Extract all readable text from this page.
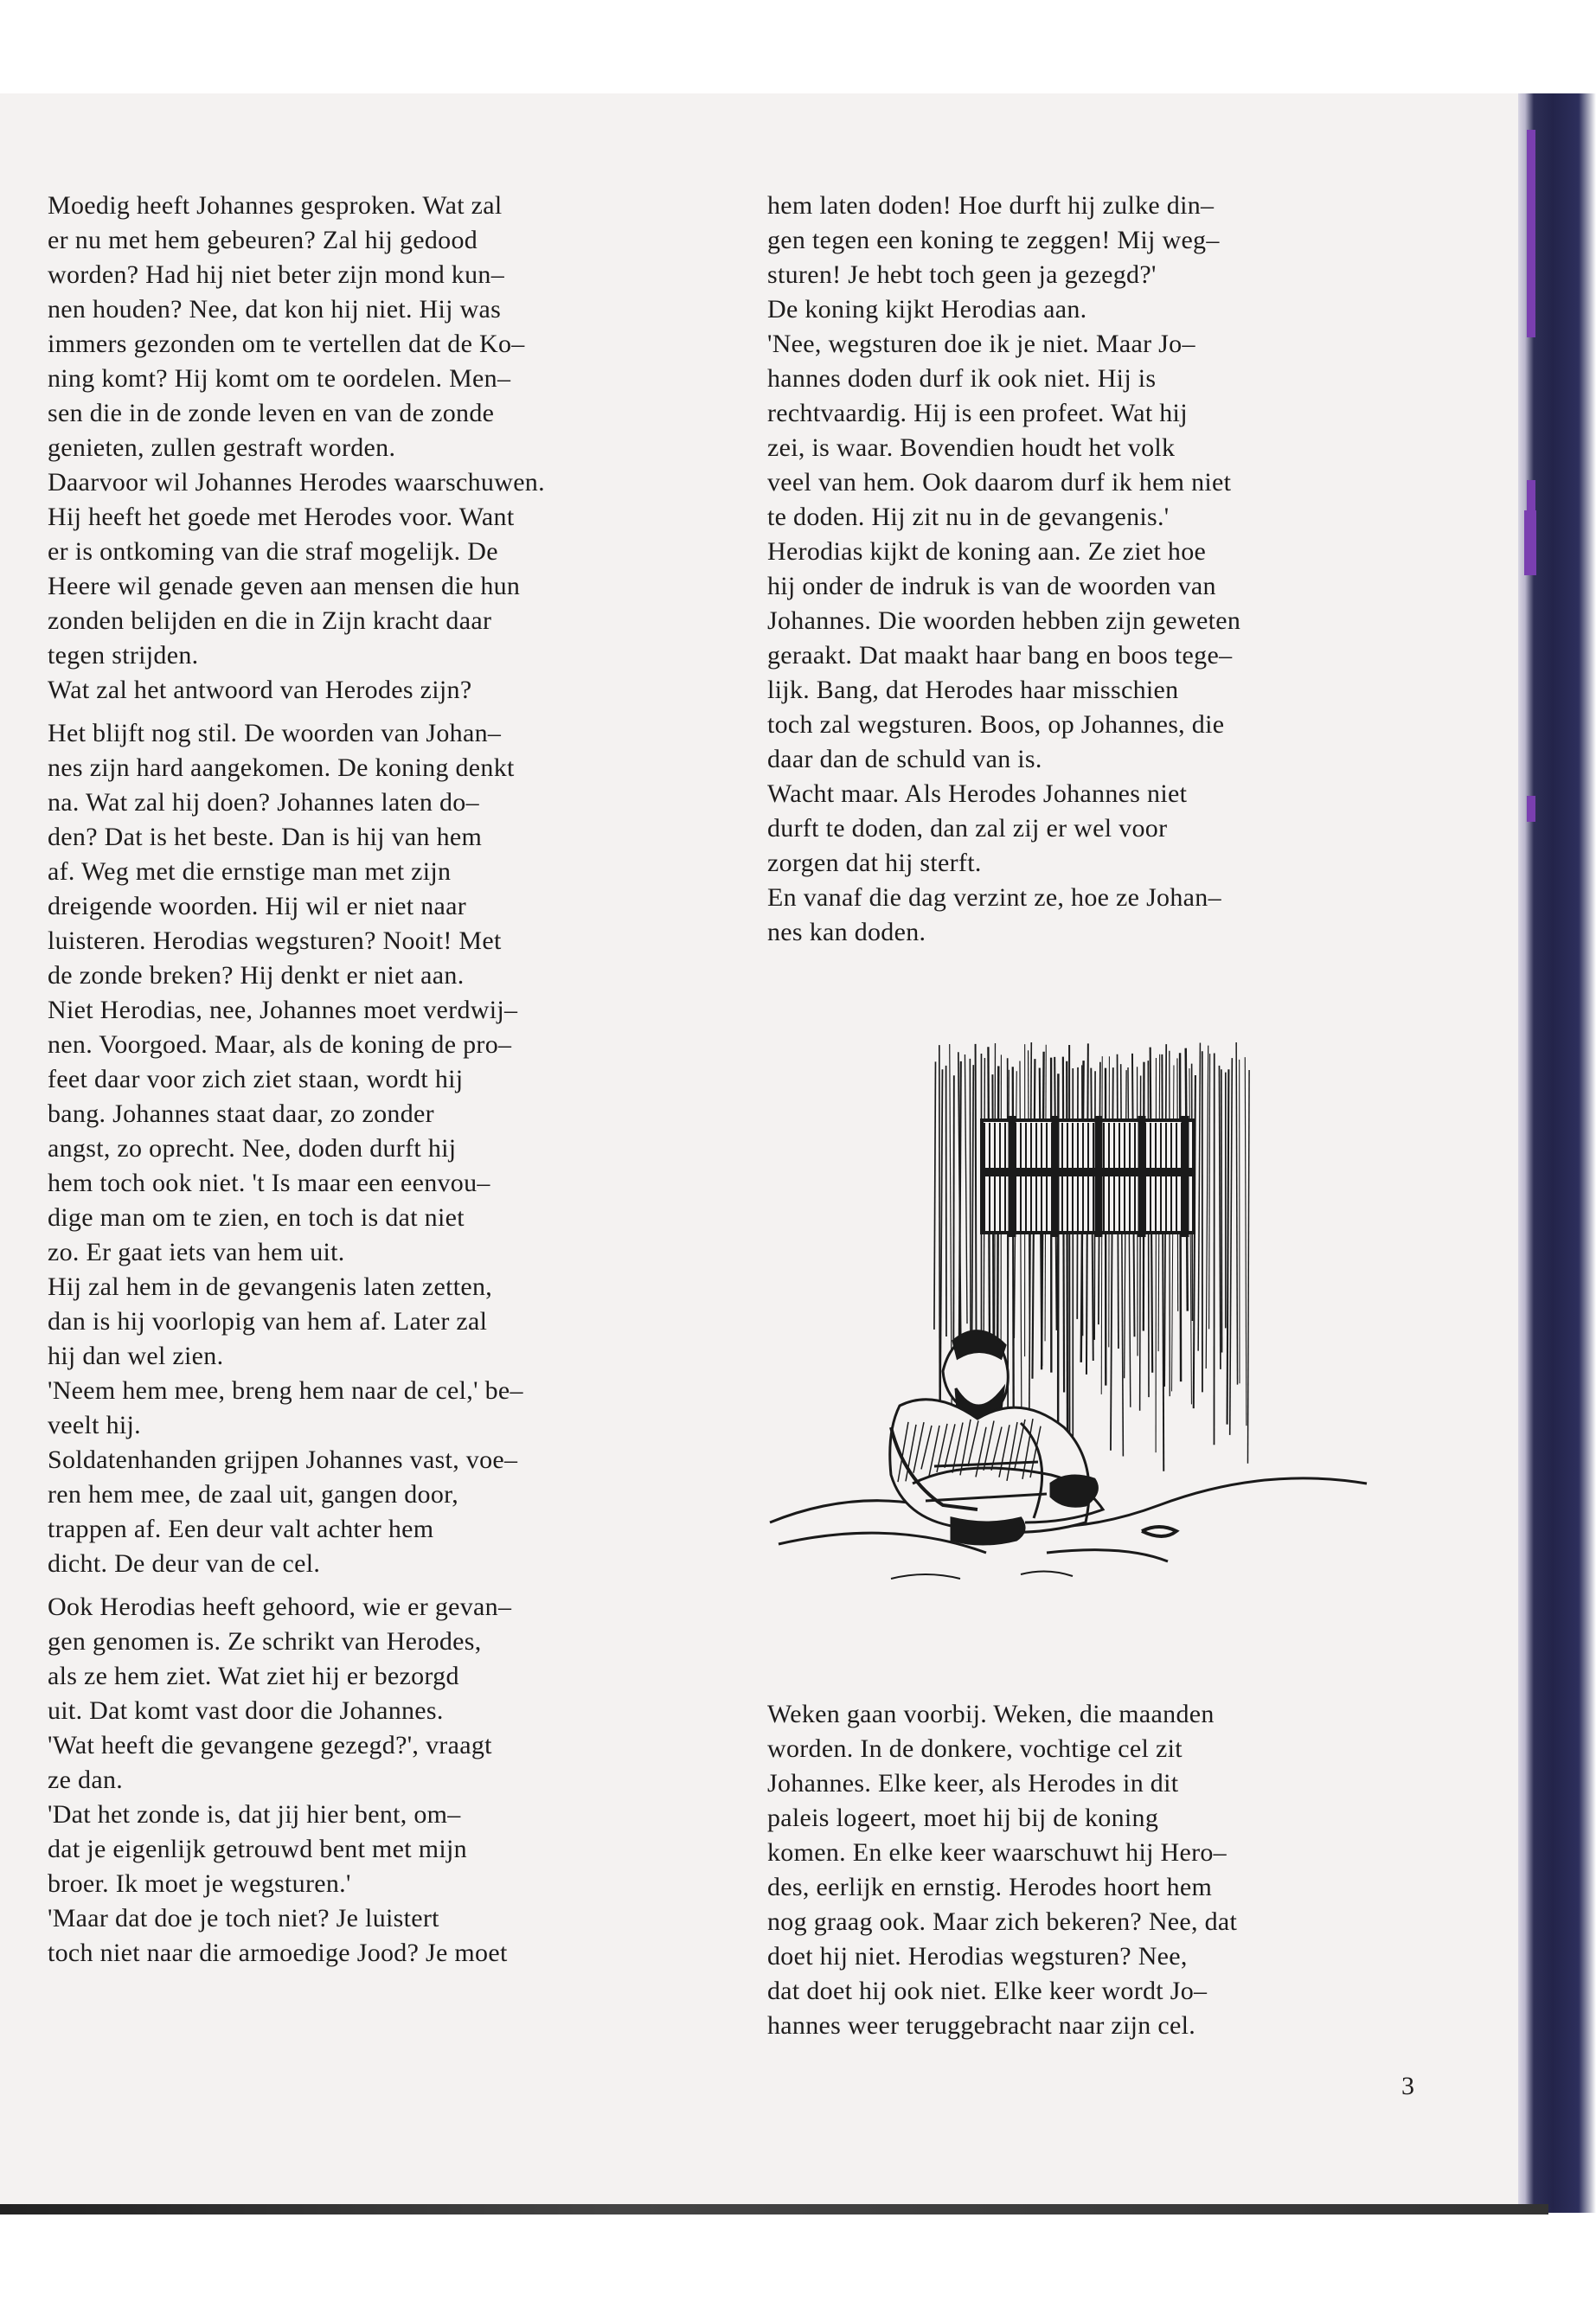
Moedig heeft Johannes gesproken. Wat zal
er nu met hem gebeuren? Zal hij gedood
worden? Had hij niet beter zijn mond kun–
nen houden? Nee, dat kon hij niet. Hij was
immers gezonden om te vertellen dat de Ko–
ning komt? Hij komt om te oordelen. Men–
sen die in de zonde leven en van de zonde
genieten, zullen gestraft worden.
Daarvoor wil Johannes Herodes waarschuwen.
Hij heeft het goede met Herodes voor. Want
er is ontkoming van die straf mogelijk. De
Heere wil genade geven aan mensen die hun
zonden belijden en die in Zijn kracht daar
tegen strijden.
Wat zal het antwoord van Herodes zijn?
Het blijft nog stil. De woorden van Johan–
nes zijn hard aangekomen. De koning denkt
na. Wat zal hij doen? Johannes laten do–
den? Dat is het beste. Dan is hij van hem
af. Weg met die ernstige man met zijn
dreigende woorden. Hij wil er niet naar
luisteren. Herodias wegsturen? Nooit! Met
de zonde breken? Hij denkt er niet aan.
Niet Herodias, nee, Johannes moet verdwij–
nen. Voorgoed. Maar, als de koning de pro–
feet daar voor zich ziet staan, wordt hij
bang. Johannes staat daar, zo zonder
angst, zo oprecht. Nee, doden durft hij
hem toch ook niet. 't Is maar een eenvou–
dige man om te zien, en toch is dat niet
zo. Er gaat iets van hem uit.
Hij zal hem in de gevangenis laten zetten,
dan is hij voorlopig van hem af. Later zal
hij dan wel zien.
'Neem hem mee, breng hem naar de cel,' be–
veelt hij.
Soldatenhanden grijpen Johannes vast, voe–
ren hem mee, de zaal uit, gangen door,
trappen af. Een deur valt achter hem
dicht. De deur van de cel.
Ook Herodias heeft gehoord, wie er gevan–
gen genomen is. Ze schrikt van Herodes,
als ze hem ziet. Wat ziet hij er bezorgd
uit. Dat komt vast door die Johannes.
'Wat heeft die gevangene gezegd?', vraagt
ze dan.
'Dat het zonde is, dat jij hier bent, om–
dat je eigenlijk getrouwd bent met mijn
broer. Ik moet je wegsturen.'
'Maar dat doe je toch niet? Je luistert
toch niet naar die armoedige Jood? Je moet
hem laten doden! Hoe durft hij zulke din–
gen tegen een koning te zeggen! Mij weg–
sturen! Je hebt toch geen ja gezegd?'
De koning kijkt Herodias aan.
'Nee, wegsturen doe ik je niet. Maar Jo–
hannes doden durf ik ook niet. Hij is
rechtvaardig. Hij is een profeet. Wat hij
zei, is waar. Bovendien houdt het volk
veel van hem. Ook daarom durf ik hem niet
te doden. Hij zit nu in de gevangenis.'
Herodias kijkt de koning aan. Ze ziet hoe
hij onder de indruk is van de woorden van
Johannes. Die woorden hebben zijn geweten
geraakt. Dat maakt haar bang en boos tege–
lijk. Bang, dat Herodes haar misschien
toch zal wegsturen. Boos, op Johannes, die
daar dan de schuld van is.
Wacht maar. Als Herodes Johannes niet
durft te doden, dan zal zij er wel voor
zorgen dat hij sterft.
En vanaf die dag verzint ze, hoe ze Johan–
nes kan doden.
Weken gaan voorbij. Weken, die maanden
worden. In de donkere, vochtige cel zit
Johannes. Elke keer, als Herodes in dit
paleis logeert, moet hij bij de koning
komen. En elke keer waarschuwt hij Hero–
des, eerlijk en ernstig. Herodes hoort hem
nog graag ook. Maar zich bekeren? Nee, dat
doet hij niet. Herodias wegsturen? Nee,
dat doet hij ook niet. Elke keer wordt Jo–
hannes weer teruggebracht naar zijn cel.
3
